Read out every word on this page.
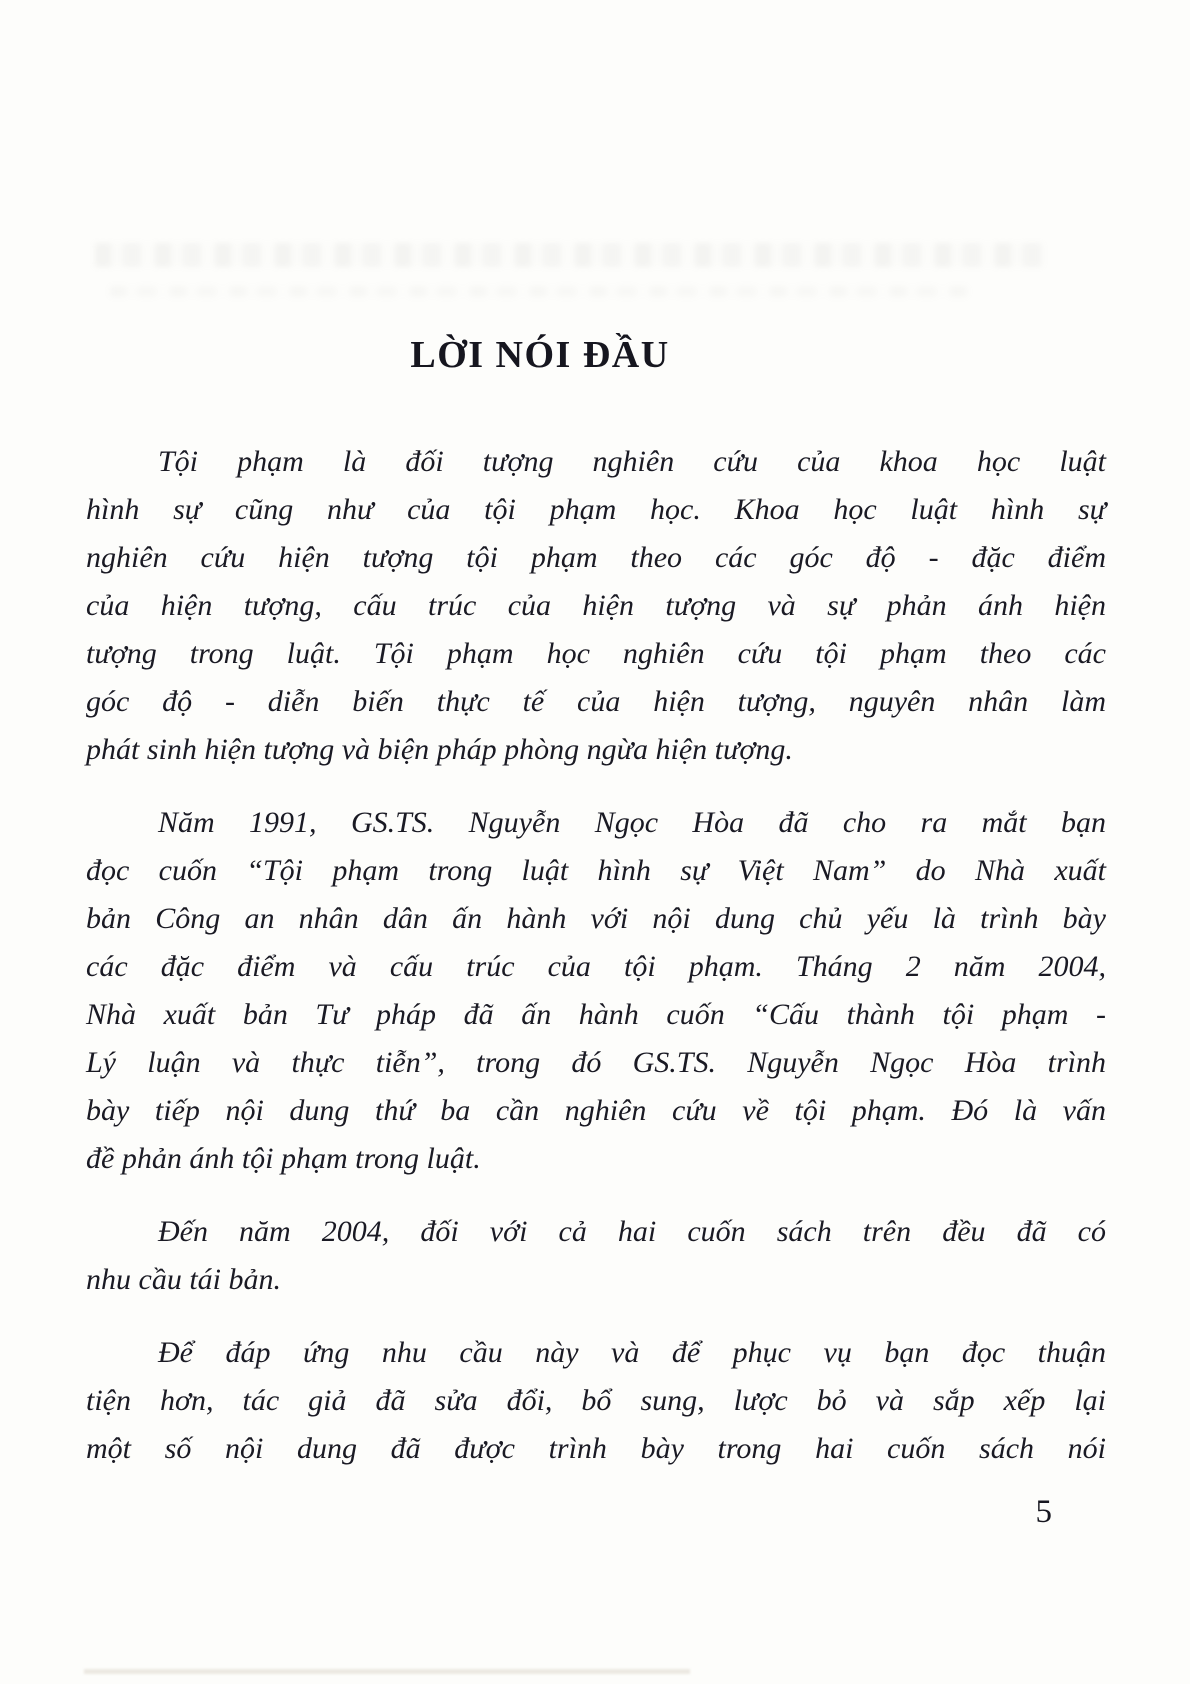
LỜI NÓI ĐẦU

Tội phạm là đối tượng nghiên cứu của khoa học luật
hình sự cũng như của tội phạm học. Khoa học luật hình sự
nghiên cứu hiện tượng tội phạm theo các góc độ - đặc điểm
của hiện tượng, cấu trúc của hiện tượng và sự phản ánh hiện
tượng trong luật. Tội phạm học nghiên cứu tội phạm theo các
góc độ - diễn biến thực tế của hiện tượng, nguyên nhân làm
phát sinh hiện tượng và biện pháp phòng ngừa hiện tượng.

Năm 1991, GS.TS. Nguyễn Ngọc Hòa đã cho ra mắt bạn
đọc cuốn “Tội phạm trong luật hình sự Việt Nam” do Nhà xuất
bản Công an nhân dân ấn hành với nội dung chủ yếu là trình bày
các đặc điểm và cấu trúc của tội phạm. Tháng 2 năm 2004,
Nhà xuất bản Tư pháp đã ấn hành cuốn “Cấu thành tội phạm -
Lý luận và thực tiễn”, trong đó GS.TS. Nguyễn Ngọc Hòa trình
bày tiếp nội dung thứ ba cần nghiên cứu về tội phạm. Đó là vấn
đề phản ánh tội phạm trong luật.

Đến năm 2004, đối với cả hai cuốn sách trên đều đã có
nhu cầu tái bản.

Để đáp ứng nhu cầu này và để phục vụ bạn đọc thuận
tiện hơn, tác giả đã sửa đổi, bổ sung, lược bỏ và sắp xếp lại
một số nội dung đã được trình bày trong hai cuốn sách nói

5
